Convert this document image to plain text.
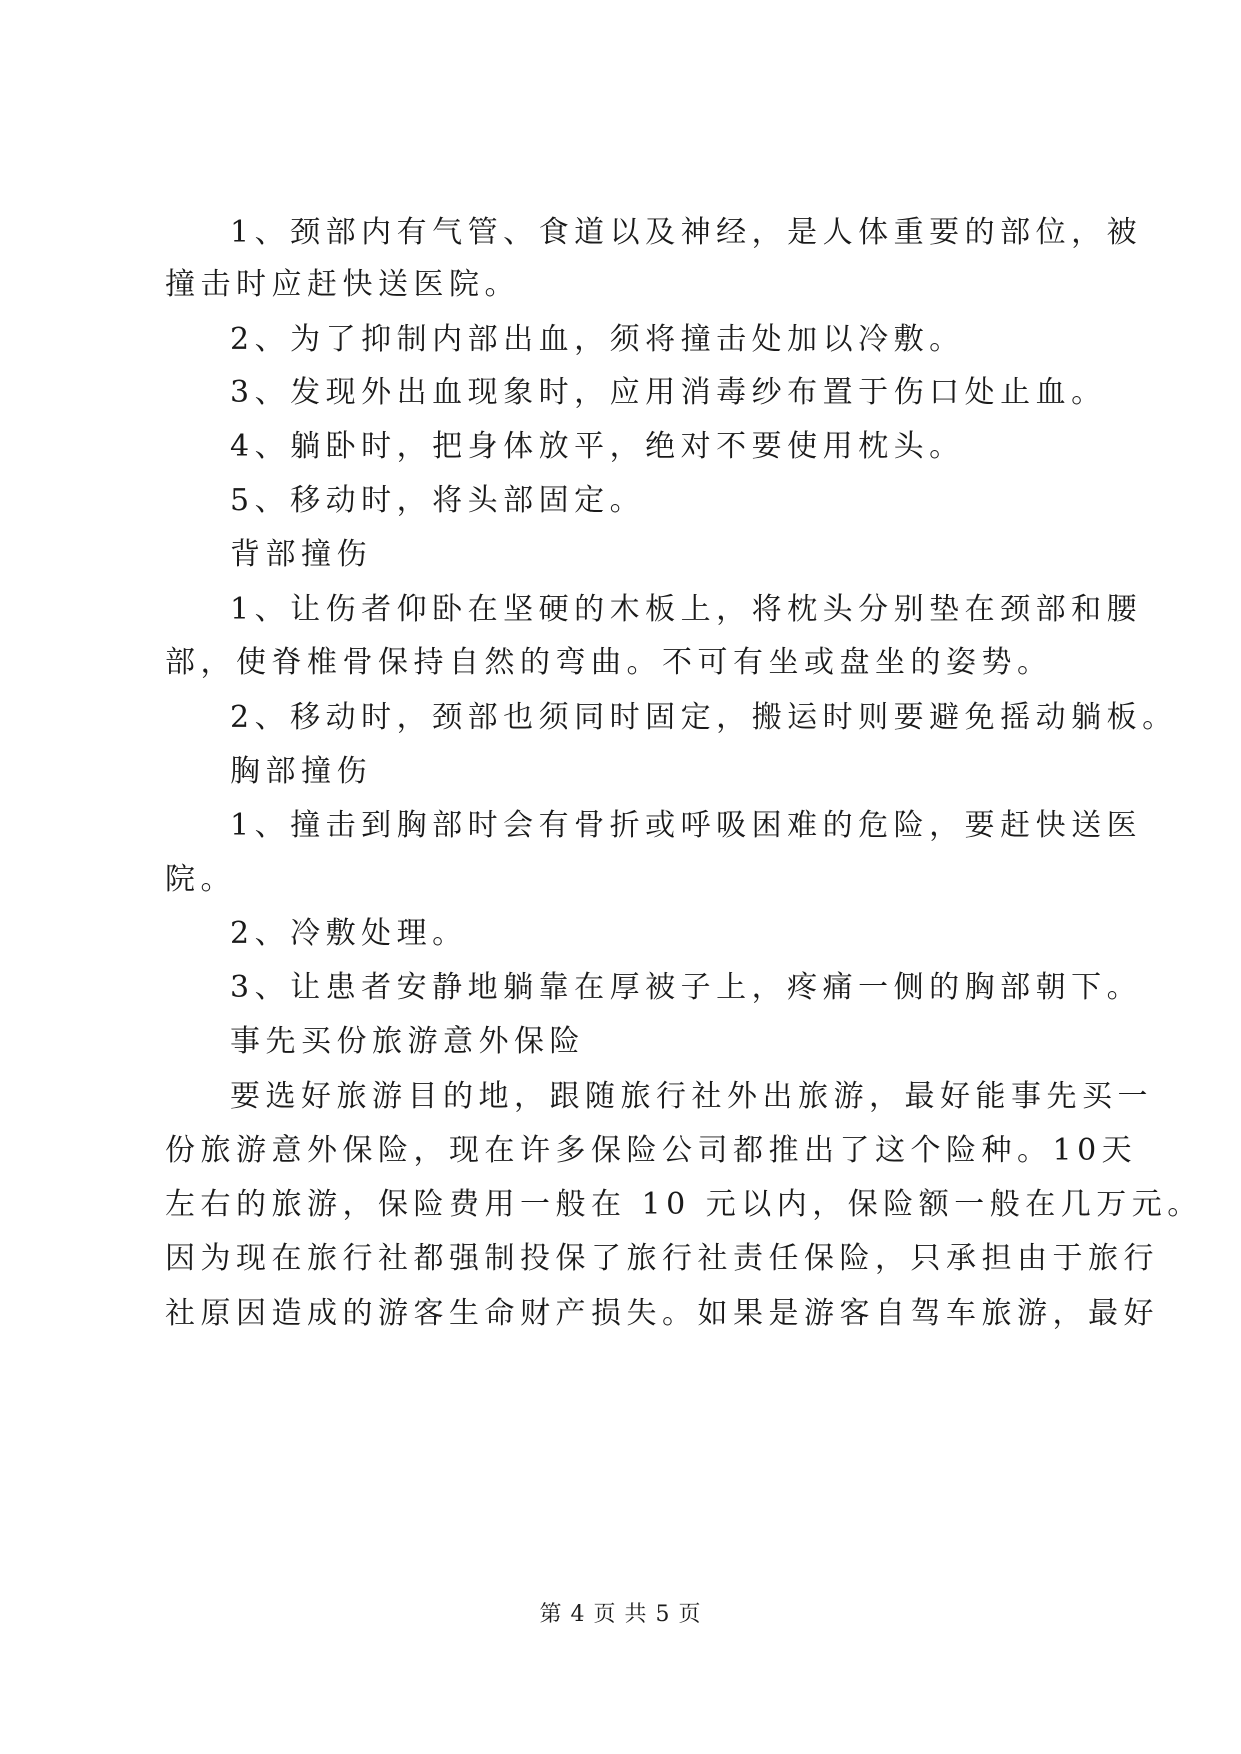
1、颈部内有气管、食道以及神经，是人体重要的部位，被
撞击时应赶快送医院。
2、为了抑制内部出血，须将撞击处加以冷敷。
3、发现外出血现象时，应用消毒纱布置于伤口处止血。
4、躺卧时，把身体放平，绝对不要使用枕头。
5、移动时，将头部固定。
背部撞伤
1、让伤者仰卧在坚硬的木板上，将枕头分别垫在颈部和腰
部，使脊椎骨保持自然的弯曲。不可有坐或盘坐的姿势。
2、移动时，颈部也须同时固定，搬运时则要避免摇动躺板。
胸部撞伤
1、撞击到胸部时会有骨折或呼吸困难的危险，要赶快送医
院。
2、冷敷处理。
3、让患者安静地躺靠在厚被子上，疼痛一侧的胸部朝下。
事先买份旅游意外保险
要选好旅游目的地，跟随旅行社外出旅游，最好能事先买一
份旅游意外保险，现在许多保险公司都推出了这个险种。10天
左右的旅游，保险费用一般在 10 元以内，保险额一般在几万元。
因为现在旅行社都强制投保了旅行社责任保险，只承担由于旅行
社原因造成的游客生命财产损失。如果是游客自驾车旅游，最好
第 4 页 共 5 页
